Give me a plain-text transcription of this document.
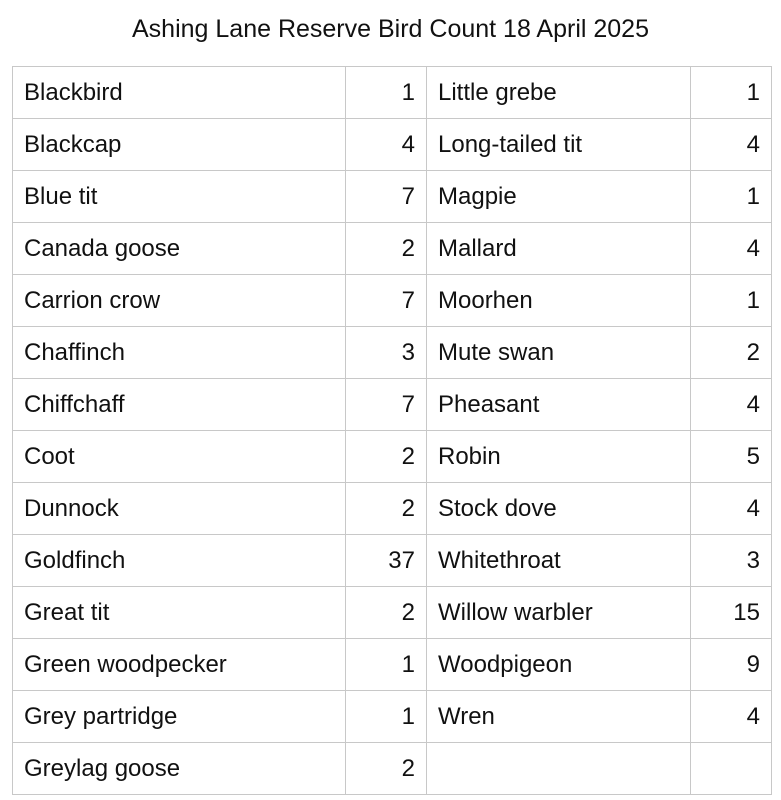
Ashing Lane Reserve Bird Count 18 April 2025
Blackbird	1	Little grebe	1
Blackcap	4	Long-tailed tit	4
Blue tit	7	Magpie	1
Canada goose	2	Mallard	4
Carrion crow	7	Moorhen	1
Chaffinch	3	Mute swan	2
Chiffchaff	7	Pheasant	4
Coot	2	Robin	5
Dunnock	2	Stock dove	4
Goldfinch	37	Whitethroat	3
Great tit	2	Willow warbler	15
Green woodpecker	1	Woodpigeon	9
Grey partridge	1	Wren	4
Greylag goose	2		
